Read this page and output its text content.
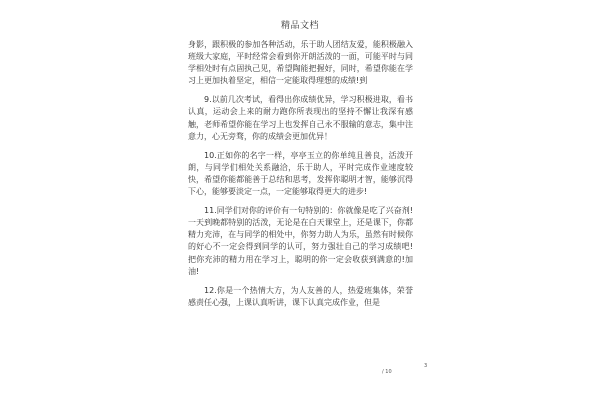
精品文档

身影，跟积极的参加各种活动，乐于助人团结友爱，能积极融入班级大家庭，平时经常会看到你开朗活泼的一面，可能平时与同学相处时有点固执己见，希望陶能把握好，同时，希望你能在学习上更加执着坚定，相信一定能取得理想的成绩!到

9.以前几次考试，看得出你成绩优异，学习积极进取，看书认真，运动会上来的耐力跑你所表现出的坚持不懈让我深有感触，老师希望你能在学习上也发挥自己永不服输的意志，集中注意力，心无旁骛，你的成绩会更加优异！

10.正如你的名字一样，亭亭玉立的你单纯且善良，活泼开朗，与同学们相处关系融洽，乐于助人，平时完成作业速度较快，希望你能都能善于总结和思考，发挥你聪明才智，能够沉得下心，能够要淡定一点，一定能够取得更大的进步!

11.同学们对你的评价有一句特别的：你就像是吃了兴奋剂!一天到晚都特别的活泼，无论是在白天课堂上，还是课下，你都精力充沛，在与同学的相处中，你努力助人为乐，虽然有时候你的好心不一定会得到同学的认可，努力强壮自己的学习成绩吧!把你充沛的精力用在学习上，聪明的你一定会收获到满意的!加油!

12.你是一个热情大方，为人友善的人，热爱班集体，荣誉感责任心强，上课认真听讲，课下认真完成作业，但是

/ 10
3
